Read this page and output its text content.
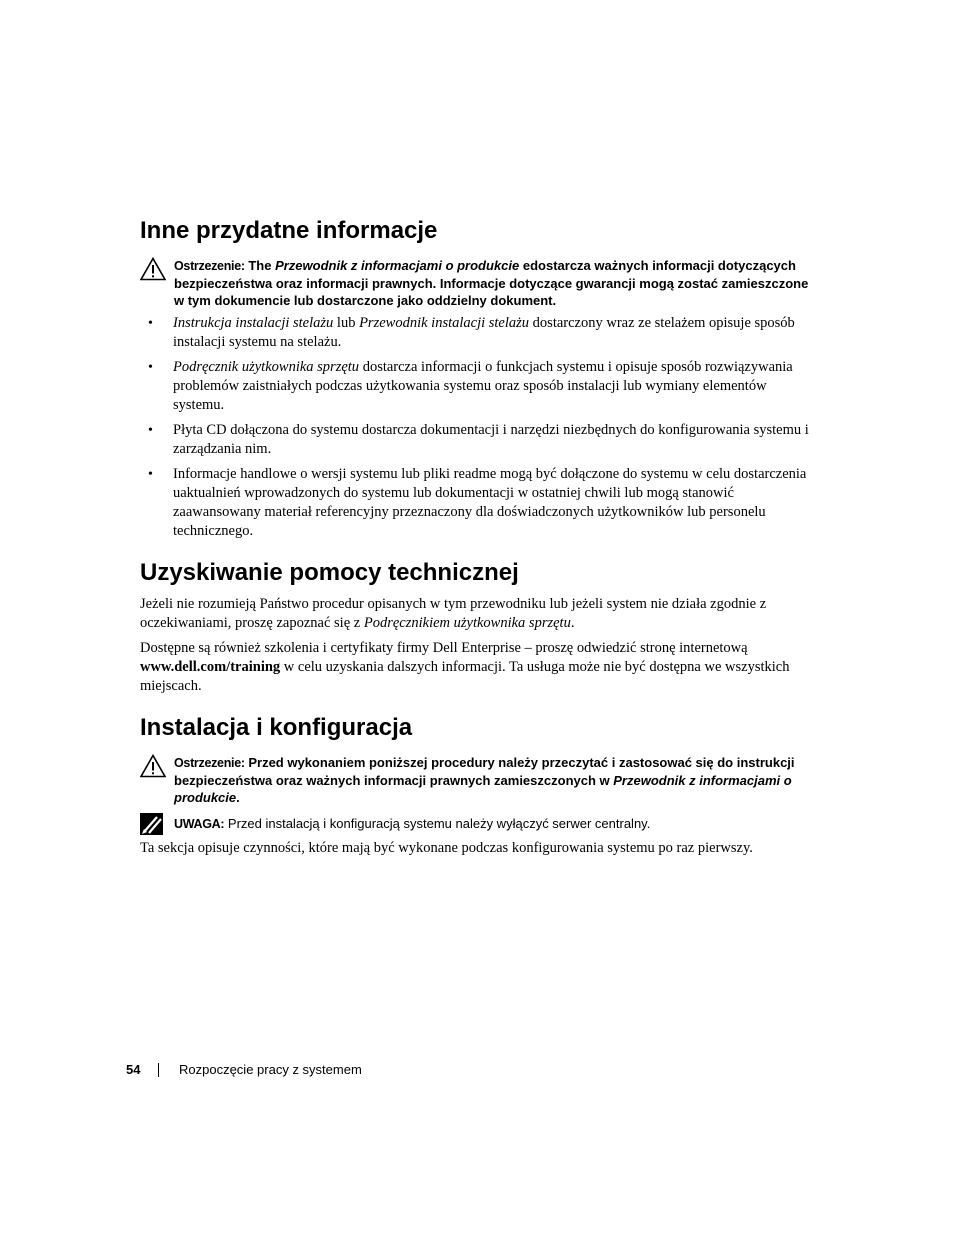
Inne przydatne informacje
Ostrzezenie: The Przewodnik z informacjami o produkcie edostarcza ważnych informacji dotyczących bezpieczeństwa oraz informacji prawnych. Informacje dotyczące gwarancji mogą zostać zamieszczone w tym dokumencie lub dostarczone jako oddzielny dokument.
• Instrukcja instalacji stelażu lub Przewodnik instalacji stelażu dostarczony wraz ze stelażem opisuje sposób instalacji systemu na stelażu.
• Podręcznik użytkownika sprzętu dostarcza informacji o funkcjach systemu i opisuje sposób rozwiązywania problemów zaistniałych podczas użytkowania systemu oraz sposób instalacji lub wymiany elementów systemu.
• Płyta CD dołączona do systemu dostarcza dokumentacji i narzędzi niezbędnych do konfigurowania systemu i zarządzania nim.
• Informacje handlowe o wersji systemu lub pliki readme mogą być dołączone do systemu w celu dostarczenia uaktualnień wprowadzonych do systemu lub dokumentacji w ostatniej chwili lub mogą stanowić zaawansowany materiał referencyjny przeznaczony dla doświadczonych użytkowników lub personelu technicznego.
Uzyskiwanie pomocy technicznej

Jeżeli nie rozumieją Państwo procedur opisanych w tym przewodniku lub jeżeli system nie działa zgodnie z oczekiwaniami, proszę zapoznać się z Podręcznikiem użytkownika sprzętu.

Dostępne są również szkolenia i certyfikaty firmy Dell Enterprise – proszę odwiedzić stronę internetową www.dell.com/training w celu uzyskania dalszych informacji. Ta usługa może nie być dostępna we wszystkich miejscach.

Instalacja i konfiguracja
Ostrzezenie: Przed wykonaniem poniższej procedury należy przeczytać i zastosować się do instrukcji bezpieczeństwa oraz ważnych informacji prawnych zamieszczonych w Przewodnik z informacjami o produkcie.
UWAGA: Przed instalacją i konfiguracją systemu należy wyłączyć serwer centralny.

Ta sekcja opisuje czynności, które mają być wykonane podczas konfigurowania systemu po raz pierwszy.

54	Rozpoczęcie pracy z systemem
